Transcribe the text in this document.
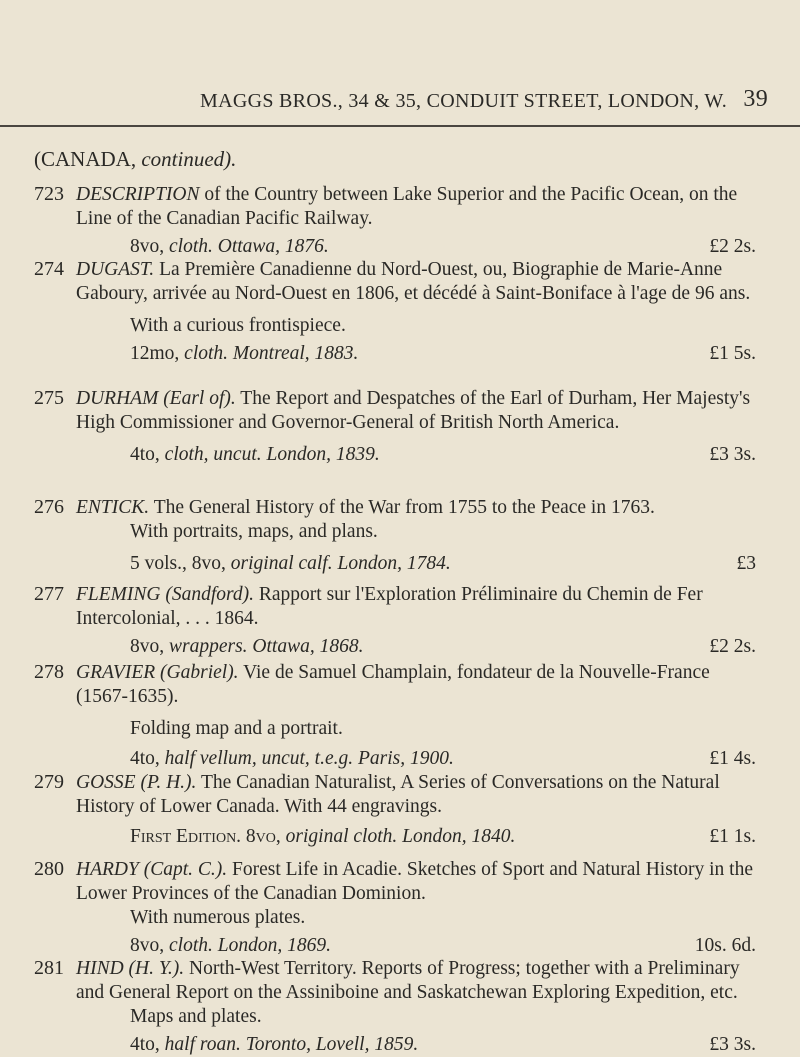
MAGGS BROS., 34 & 35, CONDUIT STREET, LONDON, W. 39
(CANADA, continued).
723 DESCRIPTION of the Country between Lake Superior and the Pacific Ocean, on the Line of the Canadian Pacific Railway.
8vo, cloth. Ottawa, 1876.	£2 2s.
274 DUGAST. La Première Canadienne du Nord-Ouest, ou, Biographie de Marie-Anne Gaboury, arrivée au Nord-Ouest en 1806, et décédé à Saint-Boniface à l'age de 96 ans.
With a curious frontispiece.
12mo, cloth. Montreal, 1883.	£1 5s.
275 DURHAM (Earl of). The Report and Despatches of the Earl of Durham, Her Majesty's High Commissioner and Governor-General of British North America.
4to, cloth, uncut. London, 1839.	£3 3s.
276 ENTICK. The General History of the War from 1755 to the Peace in 1763.
With portraits, maps, and plans.
5 vols., 8vo, original calf. London, 1784.	£3
277 FLEMING (Sandford). Rapport sur l'Exploration Préliminaire du Chemin de Fer Intercolonial, . . . 1864.
8vo, wrappers. Ottawa, 1868.	£2 2s.
278 GRAVIER (Gabriel). Vie de Samuel Champlain, fondateur de la Nouvelle-France (1567-1635).
Folding map and a portrait.
4to, half vellum, uncut, t.e.g. Paris, 1900.	£1 4s.
279 GOSSE (P. H.). The Canadian Naturalist, A Series of Conversations on the Natural History of Lower Canada. With 44 engravings.
First Edition. 8vo, original cloth. London, 1840.	£1 1s.
280 HARDY (Capt. C.). Forest Life in Acadie. Sketches of Sport and Natural History in the Lower Provinces of the Canadian Dominion.
With numerous plates.
8vo, cloth. London, 1869.	10s. 6d.
281 HIND (H. Y.). North-West Territory. Reports of Progress; together with a Preliminary and General Report on the Assiniboine and Saskatchewan Exploring Expedition, etc.
Maps and plates.
4to, half roan. Toronto, Lovell, 1859.	£3 3s.
